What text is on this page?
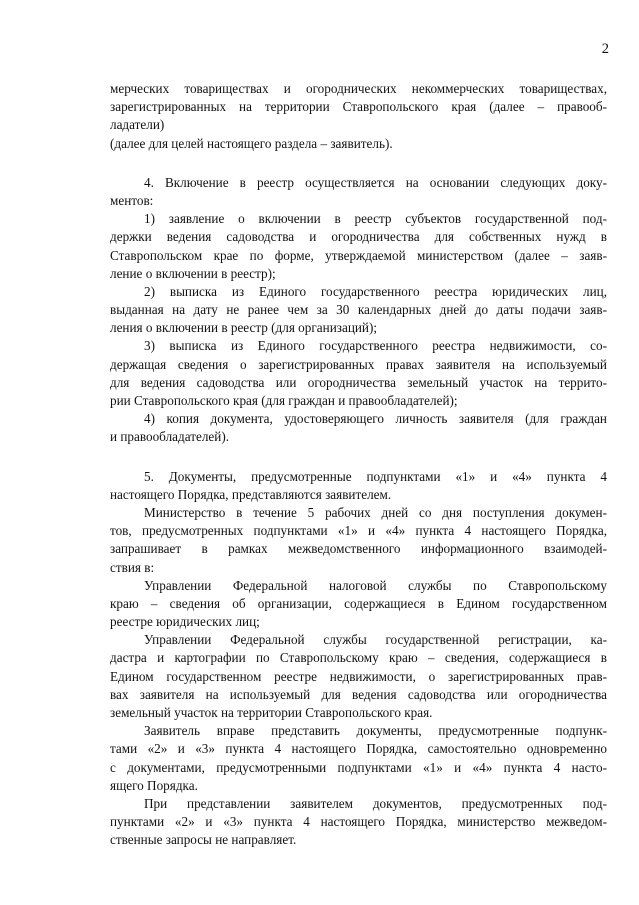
2
мерческих товариществах и огороднических некоммерческих товариществах,
зарегистрированных на территории Ставропольского края (далее – правооб-
ладатели)
(далее для целей настоящего раздела – заявитель).
4. Включение в реестр осуществляется на основании следующих доку-
ментов:
1) заявление о включении в реестр субъектов государственной под-
держки ведения садоводства и огородничества для собственных нужд в
Ставропольском крае по форме, утверждаемой министерством (далее – заяв-
ление о включении в реестр);
2) выписка из Единого государственного реестра юридических лиц,
выданная на дату не ранее чем за 30 календарных дней до даты подачи заяв-
ления о включении в реестр (для организаций);
3) выписка из Единого государственного реестра недвижимости, со-
держащая сведения о зарегистрированных правах заявителя на используемый
для ведения садоводства или огородничества земельный участок на террито-
рии Ставропольского края (для граждан и правообладателей);
4) копия документа, удостоверяющего личность заявителя (для граждан
и правообладателей).
5. Документы, предусмотренные подпунктами «1» и «4» пункта 4
настоящего Порядка, представляются заявителем.
Министерство в течение 5 рабочих дней со дня поступления докумен-
тов, предусмотренных подпунктами «1» и «4» пункта 4 настоящего Порядка,
запрашивает в рамках межведомственного информационного взаимодей-
ствия в:
Управлении Федеральной налоговой службы по Ставропольскому
краю – сведения об организации, содержащиеся в Едином государственном
реестре юридических лиц;
Управлении Федеральной службы государственной регистрации, ка-
дастра и картографии по Ставропольскому краю – сведения, содержащиеся в
Едином государственном реестре недвижимости, о зарегистрированных прав-
вах заявителя на используемый для ведения садоводства или огородничества
земельный участок на территории Ставропольского края.
Заявитель вправе представить документы, предусмотренные подпунк-
тами «2» и «3» пункта 4 настоящего Порядка, самостоятельно одновременно
с документами, предусмотренными подпунктами «1» и «4» пункта 4 насто-
ящего Порядка.
При представлении заявителем документов, предусмотренных под-
пунктами «2» и «3» пункта 4 настоящего Порядка, министерство межведом-
ственные запросы не направляет.
